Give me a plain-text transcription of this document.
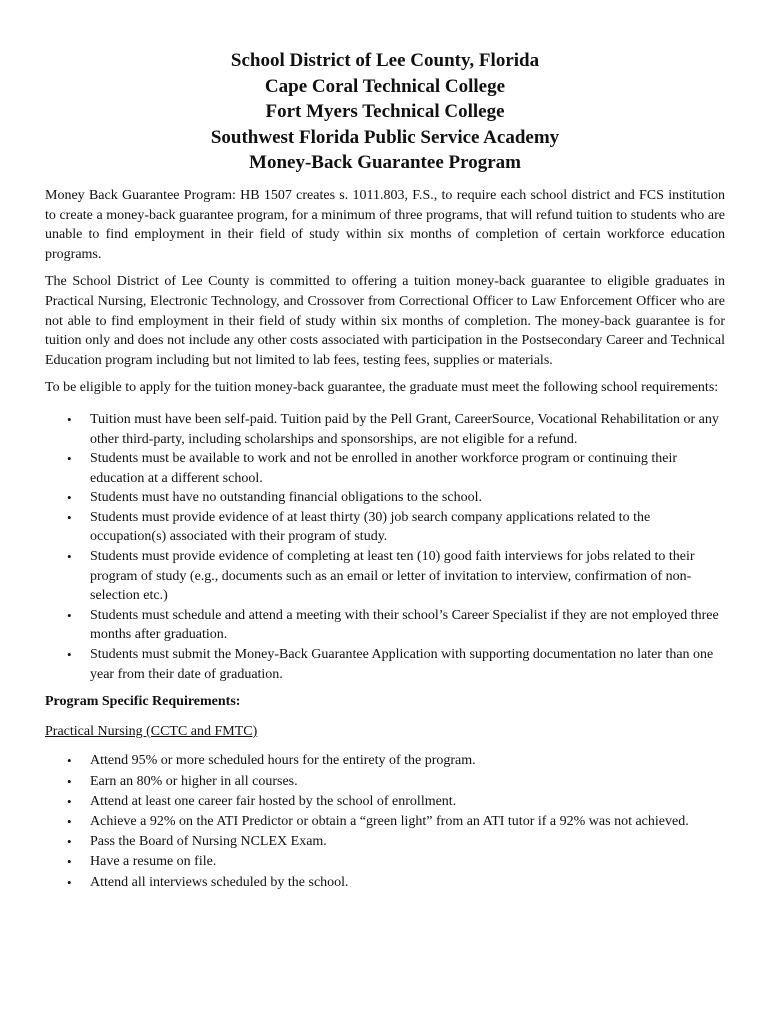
School District of Lee County, Florida
Cape Coral Technical College
Fort Myers Technical College
Southwest Florida Public Service Academy
Money-Back Guarantee Program

Money Back Guarantee Program: HB 1507 creates s. 1011.803, F.S., to require each school district and FCS institution to create a money-back guarantee program, for a minimum of three programs, that will refund tuition to students who are unable to find employment in their field of study within six months of completion of certain workforce education programs.

The School District of Lee County is committed to offering a tuition money-back guarantee to eligible graduates in Practical Nursing, Electronic Technology, and Crossover from Correctional Officer to Law Enforcement Officer who are not able to find employment in their field of study within six months of completion. The money-back guarantee is for tuition only and does not include any other costs associated with participation in the Postsecondary Career and Technical Education program including but not limited to lab fees, testing fees, supplies or materials.

To be eligible to apply for the tuition money-back guarantee, the graduate must meet the following school requirements:

• Tuition must have been self-paid. Tuition paid by the Pell Grant, CareerSource, Vocational Rehabilitation or any other third-party, including scholarships and sponsorships, are not eligible for a refund.
• Students must be available to work and not be enrolled in another workforce program or continuing their education at a different school.
• Students must have no outstanding financial obligations to the school.
• Students must provide evidence of at least thirty (30) job search company applications related to the occupation(s) associated with their program of study.
• Students must provide evidence of completing at least ten (10) good faith interviews for jobs related to their program of study (e.g., documents such as an email or letter of invitation to interview, confirmation of non-selection etc.)
• Students must schedule and attend a meeting with their school’s Career Specialist if they are not employed three months after graduation.
• Students must submit the Money-Back Guarantee Application with supporting documentation no later than one year from their date of graduation.
Program Specific Requirements:
Practical Nursing (CCTC and FMTC)
• Attend 95% or more scheduled hours for the entirety of the program.
• Earn an 80% or higher in all courses.
• Attend at least one career fair hosted by the school of enrollment.
• Achieve a 92% on the ATI Predictor or obtain a “green light” from an ATI tutor if a 92% was not achieved.
• Pass the Board of Nursing NCLEX Exam.
• Have a resume on file.
• Attend all interviews scheduled by the school.
